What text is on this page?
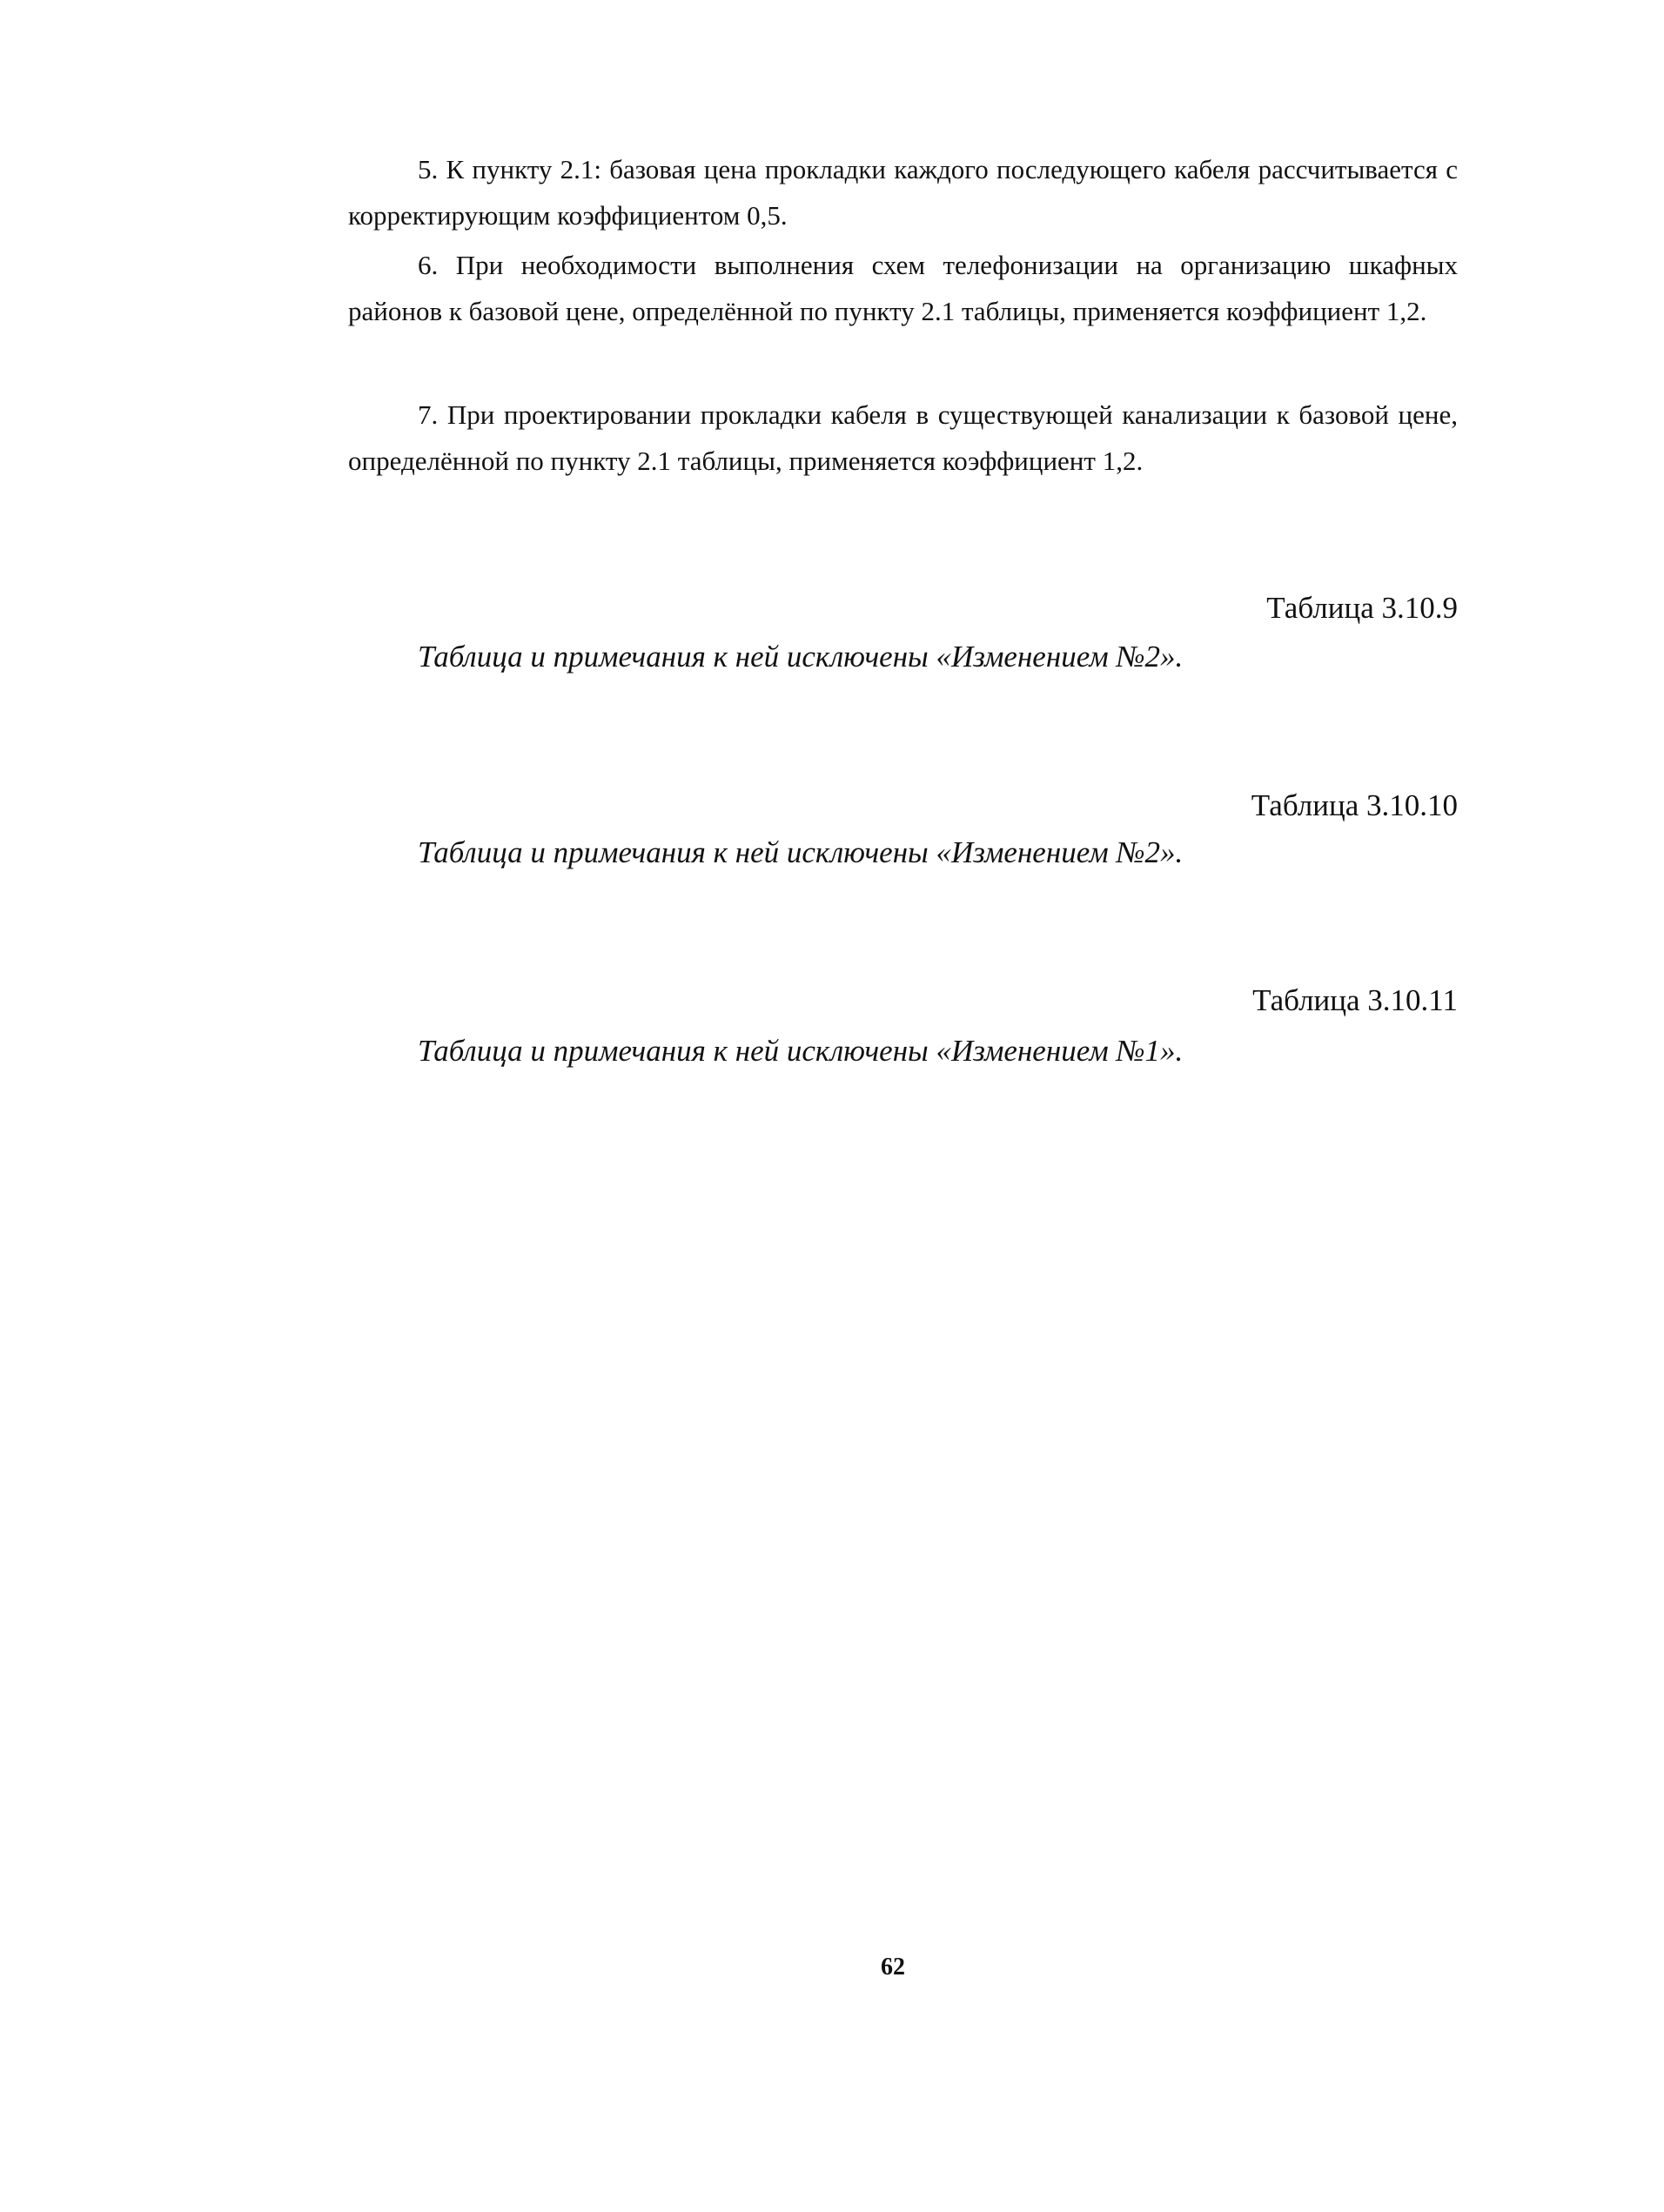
5. К пункту 2.1: базовая цена прокладки каждого последующего кабеля рассчитывается с корректирующим коэффициентом 0,5.

6. При необходимости выполнения схем телефонизации на организацию шкафных районов к базовой цене, определённой по пункту 2.1 таблицы, применяется коэффициент 1,2.

7. При проектировании прокладки кабеля в существующей канализации к базовой цене, определённой по пункту 2.1 таблицы, применяется коэффициент 1,2.

Таблица 3.10.9
Таблица и примечания к ней исключены «Изменением №2».
Таблица 3.10.10
Таблица и примечания к ней исключены «Изменением №2».
Таблица 3.10.11
Таблица и примечания к ней исключены «Изменением №1».
62
